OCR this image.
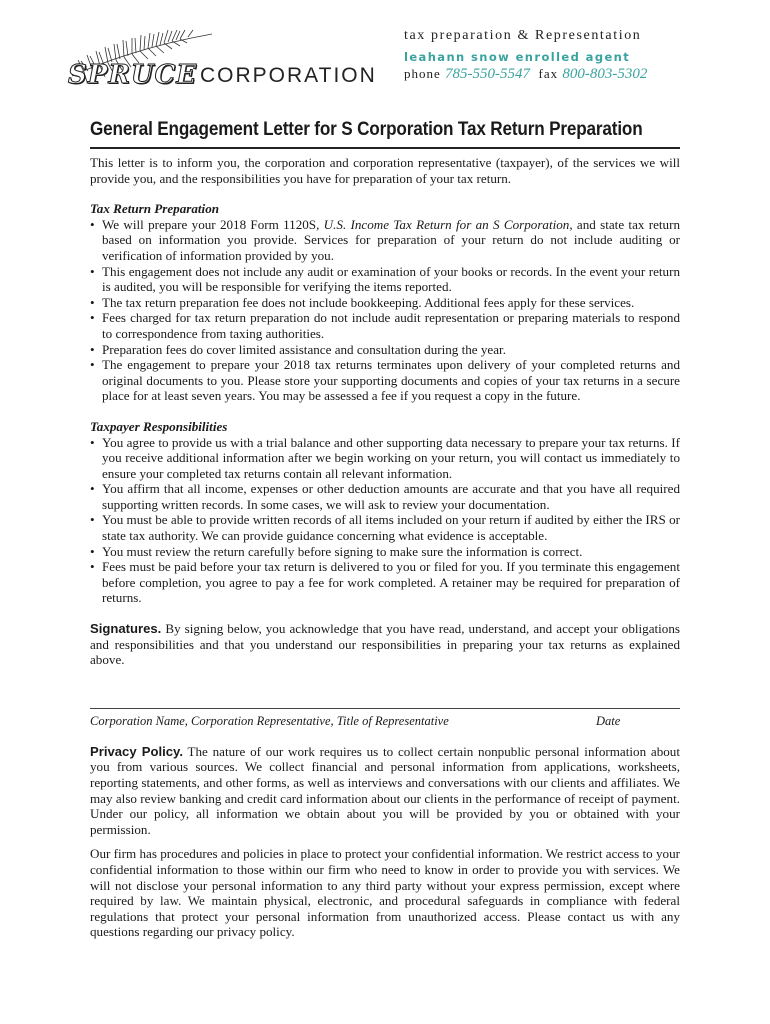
SPRUCE CORPORATION
tax preparation & Representation
leahann snow enrolled agent
phone 785-550-5547 fax 800-803-5302
General Engagement Letter for S Corporation Tax Return Preparation

This letter is to inform you, the corporation and corporation representative (taxpayer), of the services we will provide you, and the responsibilities you have for preparation of your tax return.

Tax Return Preparation
• We will prepare your 2018 Form 1120S, U.S. Income Tax Return for an S Corporation, and state tax return based on information you provide. Services for preparation of your return do not include auditing or verification of information provided by you.
• This engagement does not include any audit or examination of your books or records. In the event your return is audited, you will be responsible for verifying the items reported.
• The tax return preparation fee does not include bookkeeping. Additional fees apply for these services.
• Fees charged for tax return preparation do not include audit representation or preparing materials to respond to correspondence from taxing authorities.
• Preparation fees do cover limited assistance and consultation during the year.
• The engagement to prepare your 2018 tax returns terminates upon delivery of your completed returns and original documents to you. Please store your supporting documents and copies of your tax returns in a secure place for at least seven years. You may be assessed a fee if you request a copy in the future.
Taxpayer Responsibilities
• You agree to provide us with a trial balance and other supporting data necessary to prepare your tax returns. If you receive additional information after we begin working on your return, you will contact us immediately to ensure your completed tax returns contain all relevant information.
• You affirm that all income, expenses or other deduction amounts are accurate and that you have all required supporting written records. In some cases, we will ask to review your documentation.
• You must be able to provide written records of all items included on your return if audited by either the IRS or state tax authority. We can provide guidance concerning what evidence is acceptable.
• You must review the return carefully before signing to make sure the information is correct.
• Fees must be paid before your tax return is delivered to you or filed for you. If you terminate this engagement before completion, you agree to pay a fee for work completed. A retainer may be required for preparation of returns.

Signatures. By signing below, you acknowledge that you have read, understand, and accept your obligations and responsibilities and that you understand our responsibilities in preparing your tax returns as explained above.

Corporation Name, Corporation Representative, Title of Representative	Date

Privacy Policy. The nature of our work requires us to collect certain nonpublic personal information about you from various sources. We collect financial and personal information from applications, worksheets, reporting statements, and other forms, as well as interviews and conversations with our clients and affiliates. We may also review banking and credit card information about our clients in the performance of receipt of payment. Under our policy, all information we obtain about you will be provided by you or obtained with your permission.

Our firm has procedures and policies in place to protect your confidential information. We restrict access to your confidential information to those within our firm who need to know in order to provide you with services. We will not disclose your personal information to any third party without your express permission, except where required by law. We maintain physical, electronic, and procedural safeguards in compliance with federal regulations that protect your personal information from unauthorized access. Please contact us with any questions regarding our privacy policy.
